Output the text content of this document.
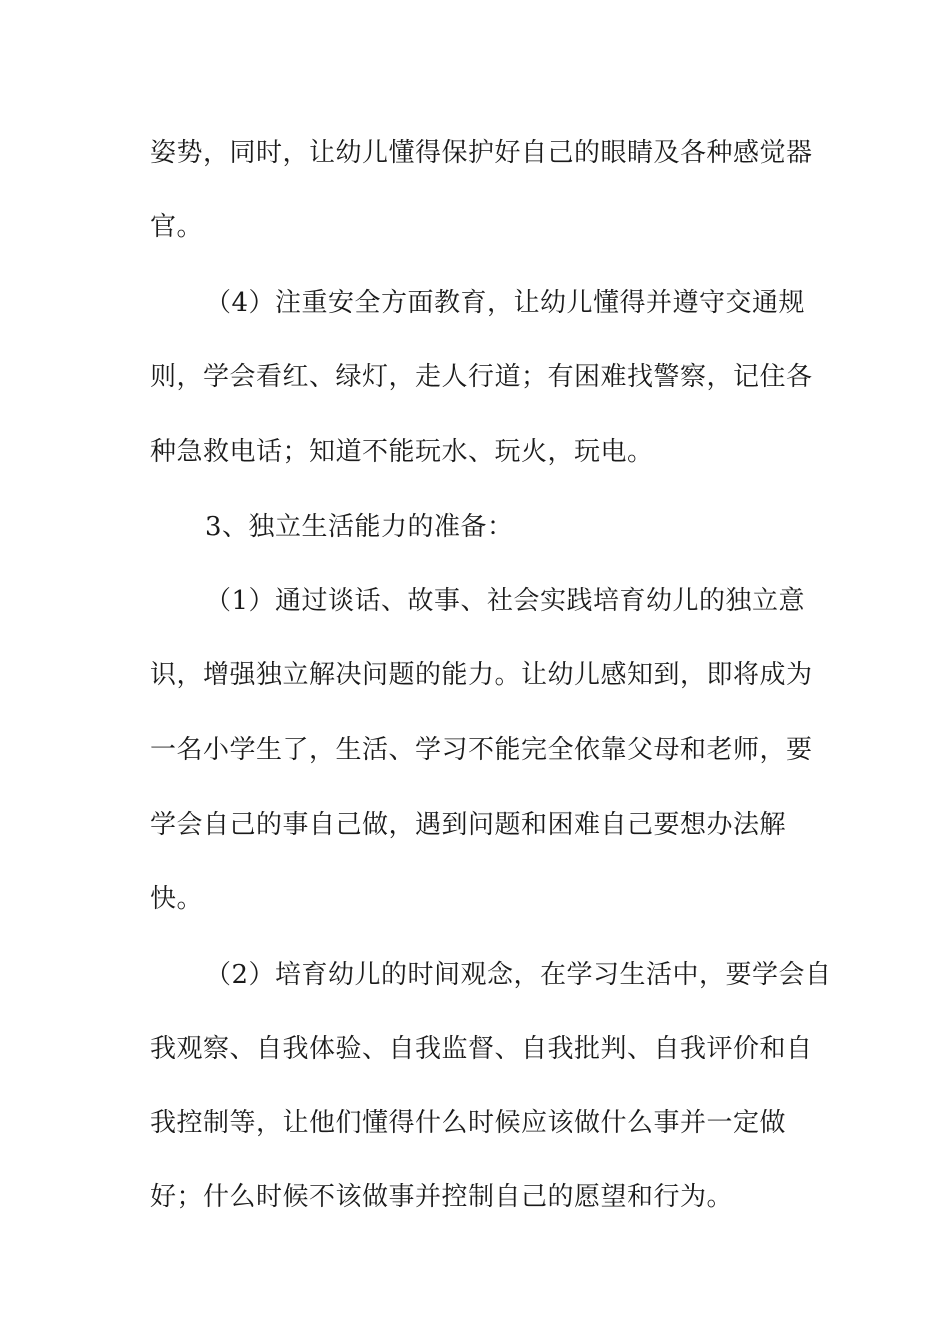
姿势，同时，让幼儿懂得保护好自己的眼睛及各种感觉器
官。
（4）注重安全方面教育，让幼儿懂得并遵守交通规
则，学会看红、绿灯，走人行道；有困难找警察，记住各
种急救电话；知道不能玩水、玩火，玩电。
3、独立生活能力的准备：
（1）通过谈话、故事、社会实践培育幼儿的独立意
识，增强独立解决问题的能力。让幼儿感知到，即将成为
一名小学生了，生活、学习不能完全依靠父母和老师，要
学会自己的事自己做，遇到问题和困难自己要想办法解
快。
（2）培育幼儿的时间观念，在学习生活中，要学会自
我观察、自我体验、自我监督、自我批判、自我评价和自
我控制等，让他们懂得什么时候应该做什么事并一定做
好；什么时候不该做事并控制自己的愿望和行为。
